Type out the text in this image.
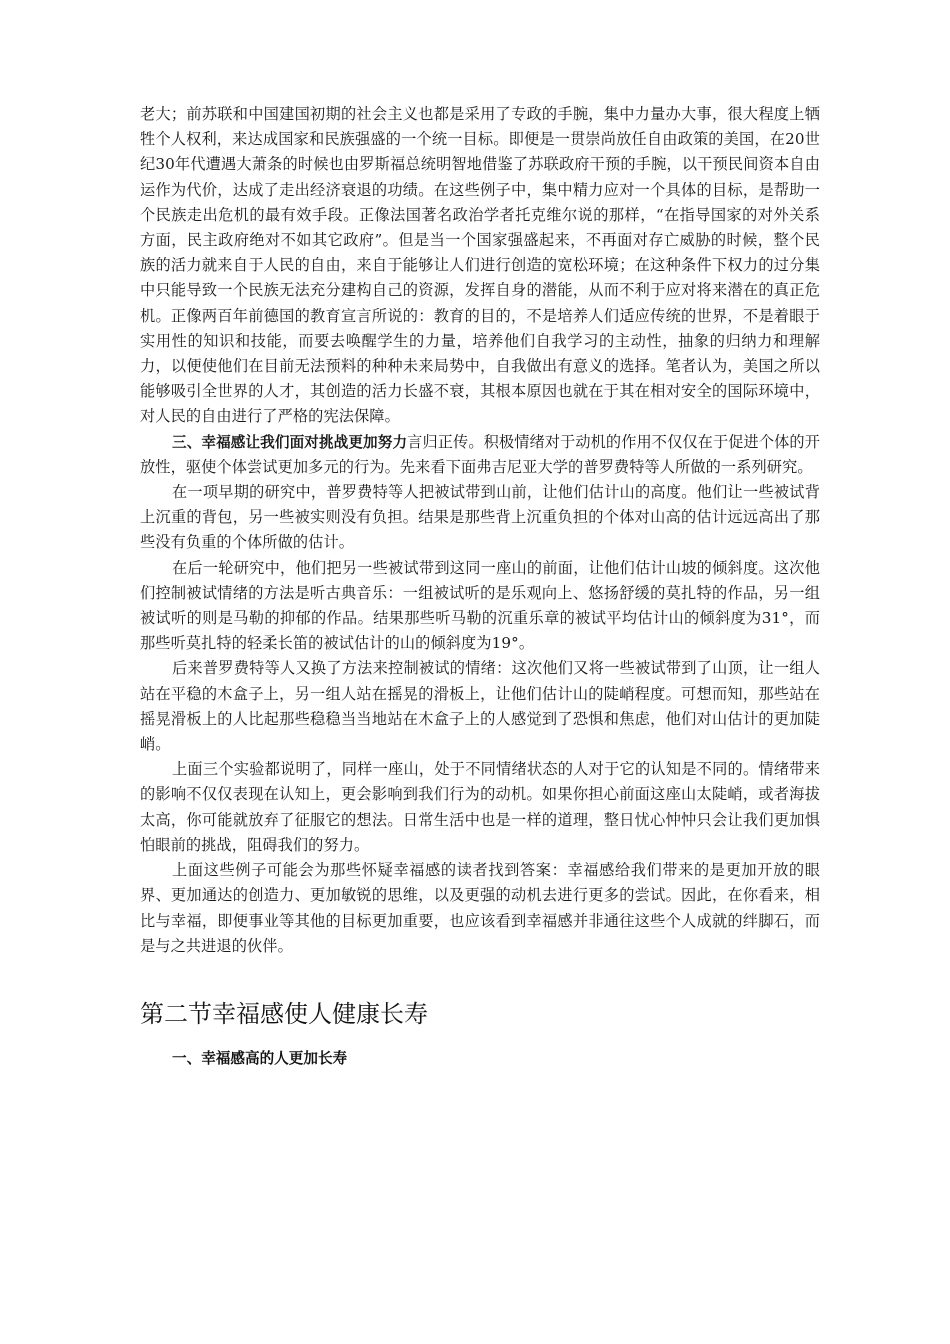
老大；前苏联和中国建国初期的社会主义也都是采用了专政的手腕，集中力量办大事，很大程度上牺牲个人权利，来达成国家和民族强盛的一个统一目标。即便是一贯崇尚放任自由政策的美国，在20世纪30年代遭遇大萧条的时候也由罗斯福总统明智地借鉴了苏联政府干预的手腕，以干预民间资本自由运作为代价，达成了走出经济衰退的功绩。在这些例子中，集中精力应对一个具体的目标，是帮助一个民族走出危机的最有效手段。正像法国著名政治学者托克维尔说的那样，“在指导国家的对外关系方面，民主政府绝对不如其它政府”。但是当一个国家强盛起来，不再面对存亡威胁的时候，整个民族的活力就来自于人民的自由，来自于能够让人们进行创造的宽松环境；在这种条件下权力的过分集中只能导致一个民族无法充分建构自己的资源，发挥自身的潜能，从而不利于应对将来潜在的真正危机。正像两百年前德国的教育宣言所说的：教育的目的，不是培养人们适应传统的世界，不是着眼于实用性的知识和技能，而要去唤醒学生的力量，培养他们自我学习的主动性，抽象的归纳力和理解力，以便使他们在目前无法预料的种种未来局势中，自我做出有意义的选择。笔者认为，美国之所以能够吸引全世界的人才，其创造的活力长盛不衰，其根本原因也就在于其在相对安全的国际环境中，对人民的自由进行了严格的宪法保障。

三、幸福感让我们面对挑战更加努力言归正传。积极情绪对于动机的作用不仅仅在于促进个体的开放性，驱使个体尝试更加多元的行为。先来看下面弗吉尼亚大学的普罗费特等人所做的一系列研究。

在一项早期的研究中，普罗费特等人把被试带到山前，让他们估计山的高度。他们让一些被试背上沉重的背包，另一些被实则没有负担。结果是那些背上沉重负担的个体对山高的估计远远高出了那些没有负重的个体所做的估计。

在后一轮研究中，他们把另一些被试带到这同一座山的前面，让他们估计山坡的倾斜度。这次他们控制被试情绪的方法是听古典音乐：一组被试听的是乐观向上、悠扬舒缓的莫扎特的作品，另一组被试听的则是马勒的抑郁的作品。结果那些听马勒的沉重乐章的被试平均估计山的倾斜度为31°，而那些听莫扎特的轻柔长笛的被试估计的山的倾斜度为19°。

后来普罗费特等人又换了方法来控制被试的情绪：这次他们又将一些被试带到了山顶，让一组人站在平稳的木盒子上，另一组人站在摇晃的滑板上，让他们估计山的陡峭程度。可想而知，那些站在摇晃滑板上的人比起那些稳稳当当地站在木盒子上的人感觉到了恐惧和焦虑，他们对山估计的更加陡峭。

上面三个实验都说明了，同样一座山，处于不同情绪状态的人对于它的认知是不同的。情绪带来的影响不仅仅表现在认知上，更会影响到我们行为的动机。如果你担心前面这座山太陡峭，或者海拔太高，你可能就放弃了征服它的想法。日常生活中也是一样的道理，整日忧心忡忡只会让我们更加惧怕眼前的挑战，阻碍我们的努力。

上面这些例子可能会为那些怀疑幸福感的读者找到答案：幸福感给我们带来的是更加开放的眼界、更加通达的创造力、更加敏锐的思维，以及更强的动机去进行更多的尝试。因此，在你看来，相比与幸福，即便事业等其他的目标更加重要，也应该看到幸福感并非通往这些个人成就的绊脚石，而是与之共进退的伙伴。

第二节幸福感使人健康长寿
一、幸福感高的人更加长寿
